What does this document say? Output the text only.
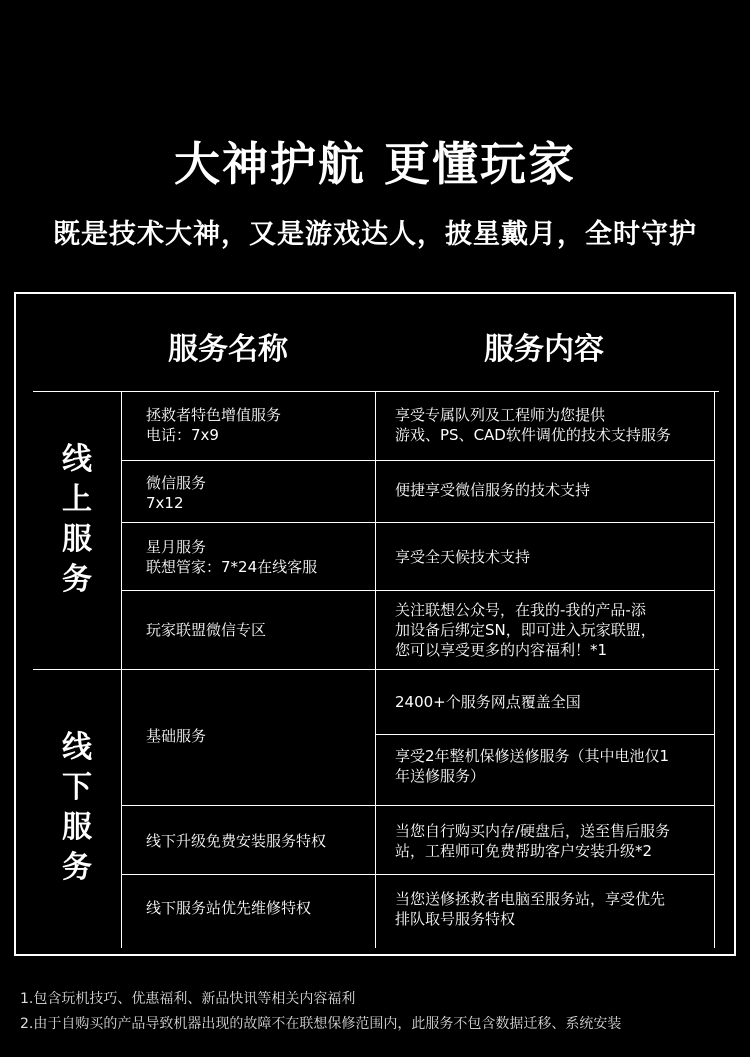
大神护航 更懂玩家
既是技术大神，又是游戏达人，披星戴月，全时守护
服务名称	服务内容
线上服务
线下服务
拯救者特色增值服务
电话：7x9
享受专属队列及工程师为您提供
游戏、PS、CAD软件调优的技术支持服务
微信服务
7x12
便捷享受微信服务的技术支持
星月服务
联想管家：7*24在线客服
享受全天候技术支持
玩家联盟微信专区
关注联想公众号，在我的-我的产品-添
加设备后绑定SN，即可进入玩家联盟，
您可以享受更多的内容福利！*1
基础服务
2400+个服务网点覆盖全国
享受2年整机保修送修服务（其中电池仅1
年送修服务）
线下升级免费安装服务特权
当您自行购买内存/硬盘后，送至售后服务
站，工程师可免费帮助客户安装升级*2
线下服务站优先维修特权	当您送修拯救者电脑至服务站，享受优先
排队取号服务特权
1.包含玩机技巧、优惠福利、新品快讯等相关内容福利
2.由于自购买的产品导致机器出现的故障不在联想保修范围内，此服务不包含数据迁移、系统安装
